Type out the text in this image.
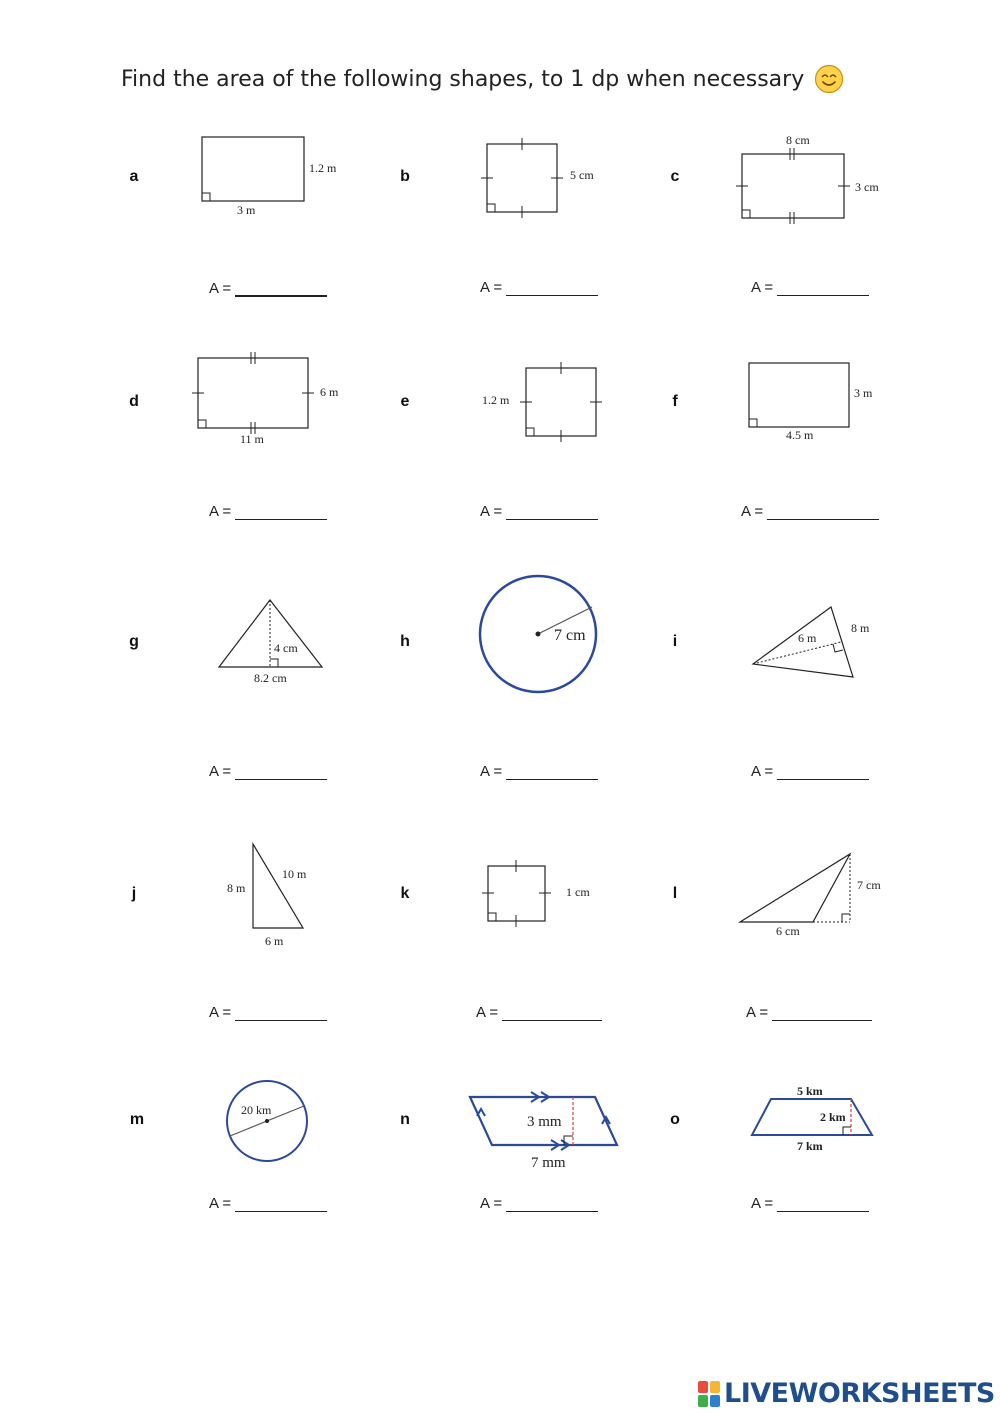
Find the area of the following shapes, to 1 dp when necessary
a	1.2 m
3 m
b	5 cm	c
8 cm
3 cm
A =	A =	A =
d
6 m
11 m
e	1.2 m	f	3 m
4.5 m
A =	A =	A =
g	4 cm
8.2 cm
h	7 cm	i	6 m
8 m
A =	A =	A =
j	8 m
10 m
6 m
k	1 cm	l	7 cm
6 cm
A =	A =	A =
m
20 km
n	3 mm
7 mm
o
5 km
2 km
7 km
A =	A =	A =
LIVEWORKSHEETS
